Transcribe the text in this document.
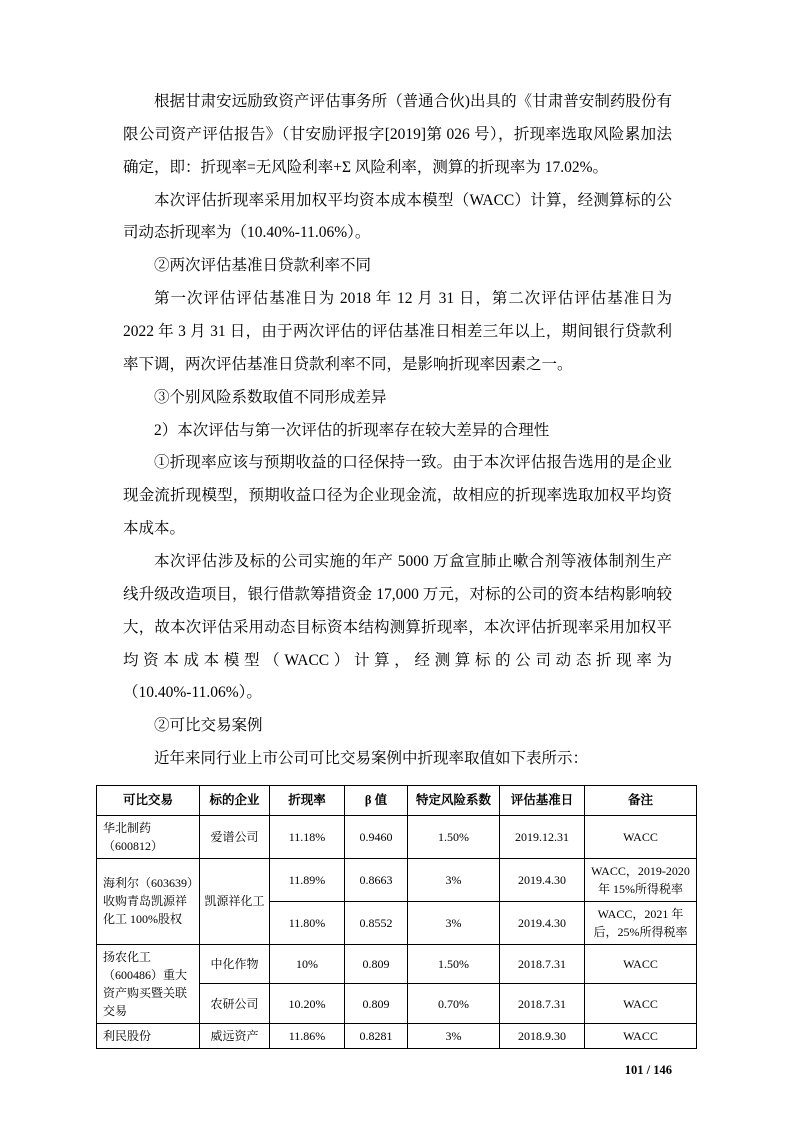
根据甘肃安远励致资产评估事务所（普通合伙)出具的《甘肃普安制药股份有限公司资产评估报告》（甘安励评报字[2019]第 026 号），折现率选取风险累加法确定，即：折现率=无风险利率+Σ 风险利率，测算的折现率为 17.02%。

本次评估折现率采用加权平均资本成本模型（WACC）计算，经测算标的公司动态折现率为（10.40%-11.06%）。

②两次评估基准日贷款利率不同

第一次评估评估基准日为 2018 年 12 月 31 日，第二次评估评估基准日为 2022 年 3 月 31 日，由于两次评估的评估基准日相差三年以上，期间银行贷款利率下调，两次评估基准日贷款利率不同，是影响折现率因素之一。

③个别风险系数取值不同形成差异

2）本次评估与第一次评估的折现率存在较大差异的合理性

①折现率应该与预期收益的口径保持一致。由于本次评估报告选用的是企业现金流折现模型，预期收益口径为企业现金流，故相应的折现率选取加权平均资本成本。

本次评估涉及标的公司实施的年产 5000 万盒宣肺止嗽合剂等液体制剂生产线升级改造项目，银行借款筹措资金 17,000 万元，对标的公司的资本结构影响较大，故本次评估采用动态目标资本结构测算折现率，本次评估折现率采用加权平均资本成本模型（WACC）计算，经测算标的公司动态折现率为（10.40%-11.06%）。

②可比交易案例

近年来同行业上市公司可比交易案例中折现率取值如下表所示：

可比交易	标的企业	折现率	β 值	特定风险系数	评估基准日	备注
华北制药（600812）	爱谱公司	11.18%	0.9460	1.50%	2019.12.31	WACC
海利尔（603639）收购青岛凯源祥化工 100%股权	凯源祥化工	11.89%	0.8663	3%	2019.4.30	WACC，2019-2020 年 15%所得税率
		11.80%	0.8552	3%	2019.4.30	WACC，2021 年后，25%所得税率
扬农化工（600486）重大资产购买暨关联交易	中化作物	10%	0.809	1.50%	2018.7.31	WACC
	农研公司	10.20%	0.809	0.70%	2018.7.31	WACC
利民股份	威远资产	11.86%	0.8281	3%	2018.9.30	WACC
101 / 146
